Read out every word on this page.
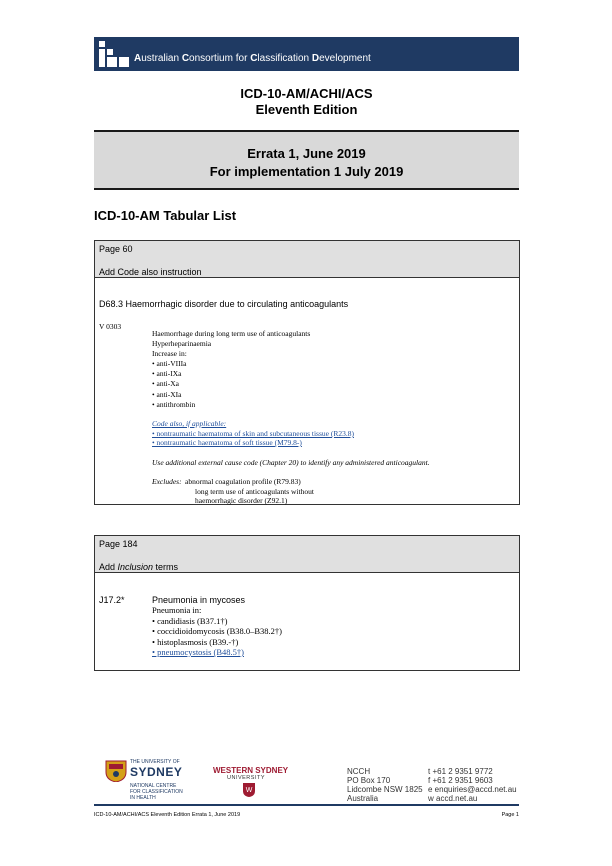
Australian Consortium for Classification Development
ICD-10-AM/ACHI/ACS
Eleventh Edition
Errata 1, June 2019
For implementation 1 July 2019
ICD-10-AM Tabular List
Page 60
Add Code also instruction
D68.3 Haemorrhagic disorder due to circulating anticoagulants
V 0303
Haemorrhage during long term use of anticoagulants
Hyperheparinaemia
Increase in:
• anti-VIIIa
• anti-IXa
• anti-Xa
• anti-XIa
• antithrombin
Code also, if applicable:
• nontraumatic haematoma of skin and subcutaneous tissue (R23.8)
• nontraumatic haematoma of soft tissue (M79.8-)
Use additional external cause code (Chapter 20) to identify any administered anticoagulant.
Excludes: abnormal coagulation profile (R79.83)
long term use of anticoagulants without
haemorrhagic disorder (Z92.1)
Page 184
Add Inclusion terms
J17.2*	Pneumonia in mycoses
Pneumonia in:
• candidiasis (B37.1†)
• coccidioidomycosis (B38.0–B38.2†)
• histoplasmosis (B39.-†)
• pneumocystosis (B48.5†)
THE UNIVERSITY OF
SYDNEY
NATIONAL CENTRE
FOR CLASSIFICATION
IN HEALTH
WESTERN SYDNEY
UNIVERSITY
W
NCCH
PO Box 170
Lidcombe NSW 1825
Australia
t +61 2 9351 9772
f +61 2 9351 9603
e enquiries@accd.net.au
w accd.net.au
ICD-10-AM/ACHI/ACS Eleventh Edition Errata 1, June 2019	Page 1
